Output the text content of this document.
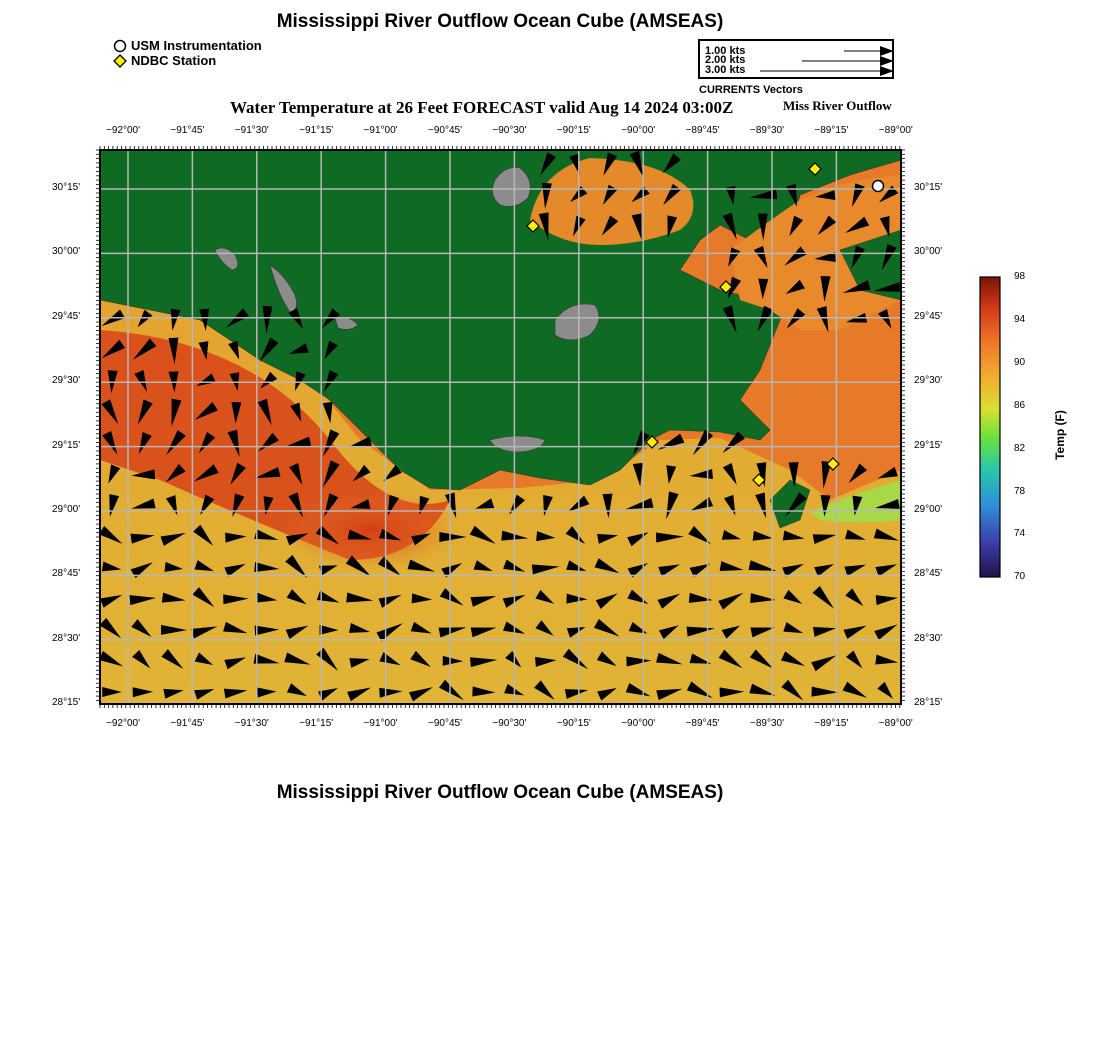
Mississippi River Outflow Ocean Cube (AMSEAS)
USM Instrumentation
NDBC Station
1.00 kts
2.00 kts
3.00 kts
CURRENTS Vectors
Water Temperature at 26 Feet FORECAST valid Aug 14 2024 03:00Z	Miss River Outflow
−92°00'	−91°45'	−91°30'	−91°15'	−91°00'	−90°45'	−90°30'	−90°15'	−90°00'	−89°45'	−89°30'	−89°15'	−89°00'
−92°00'	−91°45'	−91°30'	−91°15'	−91°00'	−90°45'	−90°30'	−90°15'	−90°00'	−89°45'	−89°30'	−89°15'	−89°00'
30°15'
30°00'
29°45'
29°30'
29°15'
29°00'
28°45'
28°30'
28°15'
30°15'
30°00'
29°45'
29°30'
29°15'
29°00'
28°45'
28°30'
28°15'
98
94
90
86
82
78
74
70
Temp (F)
Mississippi River Outflow Ocean Cube (AMSEAS)
